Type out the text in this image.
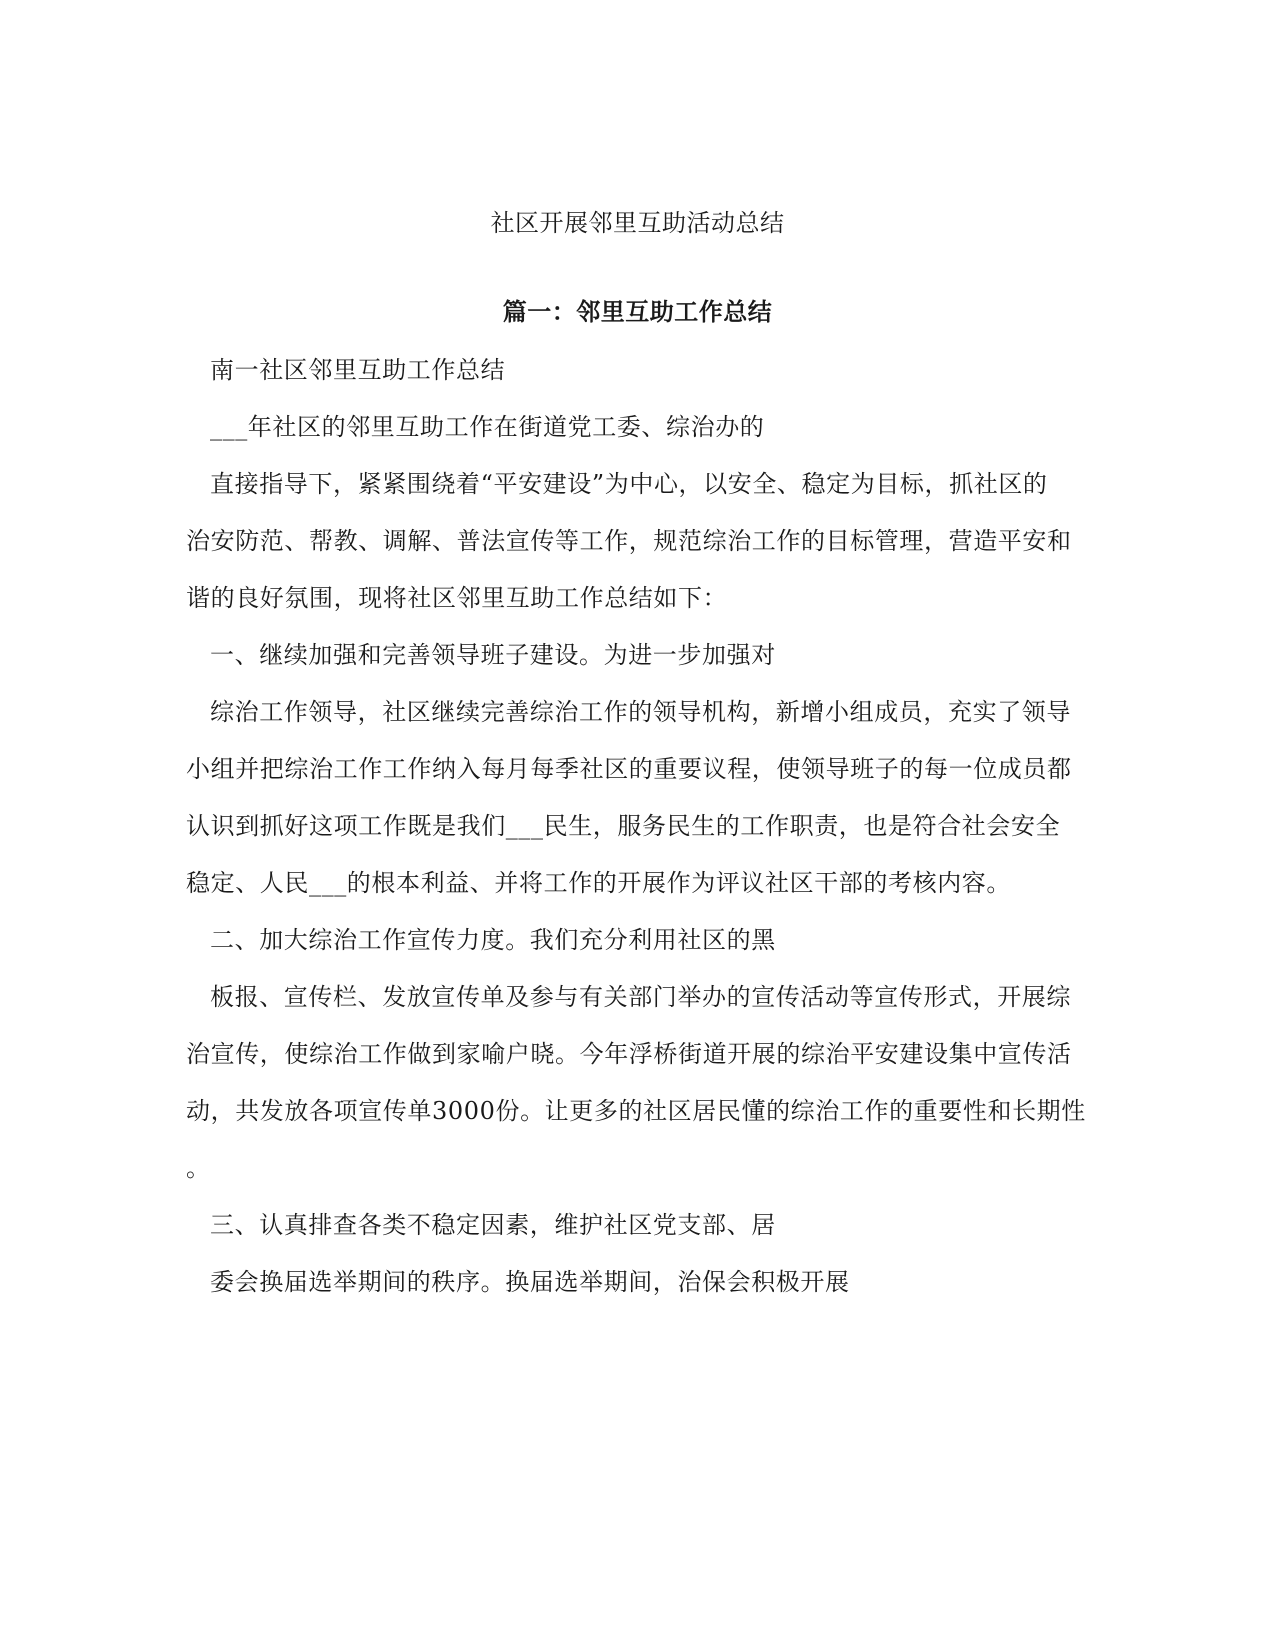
社区开展邻里互助活动总结
篇一：邻里互助工作总结
南一社区邻里互助工作总结
___年社区的邻里互助工作在街道党工委、综治办的
直接指导下，紧紧围绕着“平安建设”为中心，以安全、稳定为目标，抓社区的
治安防范、帮教、调解、普法宣传等工作，规范综治工作的目标管理，营造平安和
谐的良好氛围，现将社区邻里互助工作总结如下：
一、继续加强和完善领导班子建设。为进一步加强对
综治工作领导，社区继续完善综治工作的领导机构，新增小组成员，充实了领导
小组并把综治工作工作纳入每月每季社区的重要议程，使领导班子的每一位成员都
认识到抓好这项工作既是我们___民生，服务民生的工作职责，也是符合社会安全
稳定、人民___的根本利益、并将工作的开展作为评议社区干部的考核内容。
二、加大综治工作宣传力度。我们充分利用社区的黑
板报、宣传栏、发放宣传单及参与有关部门举办的宣传活动等宣传形式，开展综
治宣传，使综治工作做到家喻户晓。今年浮桥街道开展的综治平安建设集中宣传活
动，共发放各项宣传单3000份。让更多的社区居民懂的综治工作的重要性和长期性
。
三、认真排查各类不稳定因素，维护社区党支部、居
委会换届选举期间的秩序。换届选举期间，治保会积极开展
